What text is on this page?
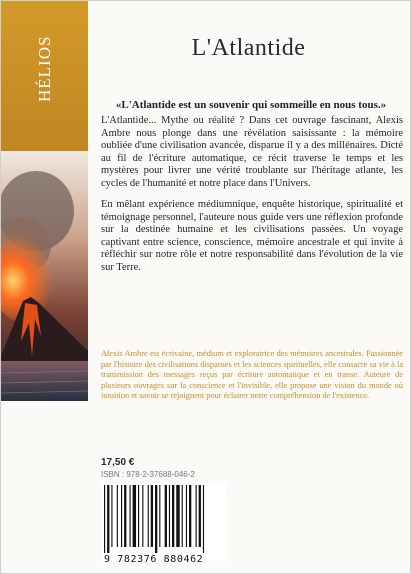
HÉLIOS	L'Atlantide
«L'Atlantide est un souvenir qui sommeille en nous tous.»

L'Atlantide... Mythe ou réalité ? Dans cet ouvrage fascinant, Alexis Ambre nous plonge dans une révélation saisissante : la mémoire oubliée d'une civilisation avancée, disparue il y a des millénaires. Dicté au fil de l'écriture automatique, ce récit traverse le temps et les mystères pour livrer une vérité troublante sur l'héritage atlante, les cycles de l'humanité et notre place dans l'Univers.

En mêlant expérience médiumnique, enquête historique, spiritualité et témoignage personnel, l'auteure nous guide vers une réflexion profonde sur la destinée humaine et les civilisations passées. Un voyage captivant entre science, conscience, mémoire ancestrale et qui invite à réfléchir sur notre rôle et notre responsabilité dans l'évolution de la vie sur Terre.

Alexis Ambre est écrivaine, médium et exploratrice des mémoires ancestrales. Passionnée par l'histoire des civilisations disparues et les sciences spirituelles, elle consacre sa vie à la transmission des messages reçus par écriture automatique et en transe. Auteure de plusieurs ouvrages sur la conscience et l'invisible, elle propose une vision du monde où intuition et savoir se rejoignent pour éclairer notre compréhension de l'existence.

17,50 €
ISBN : 978-2-37688-046-2
9 782376 880462
